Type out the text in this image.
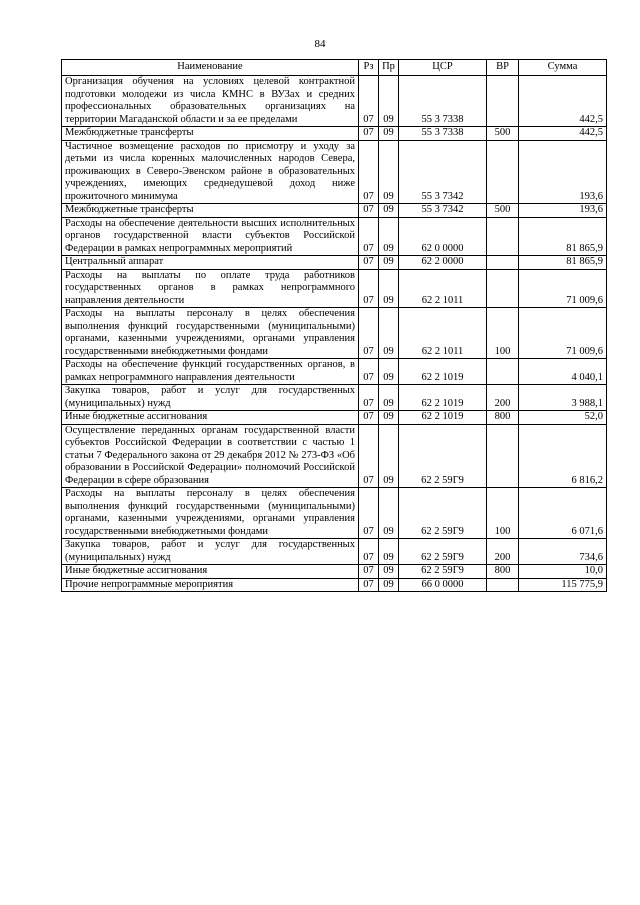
84
Наименование	Рз	Пр	ЦСР	ВР	Сумма
Организация обучения на условиях целевой контрактной подготовки молодежи из числа КМНС в ВУЗах и средних профессиональных образовательных организациях на территории Магаданской области и за ее пределами	07	09	55 3 7338		442,5
Межбюджетные трансферты	07	09	55 3 7338	500	442,5
Частичное возмещение расходов по присмотру и уходу за детьми из числа коренных малочисленных народов Севера, проживающих в Северо-Эвенском районе в образовательных учреждениях, имеющих среднедушевой доход ниже прожиточного минимума	07	09	55 3 7342		193,6
Межбюджетные трансферты	07	09	55 3 7342	500	193,6
Расходы на обеспечение деятельности высших исполнительных органов государственной власти субъектов Российской Федерации в рамках непрограммных мероприятий	07	09	62 0 0000		81 865,9
Центральный аппарат	07	09	62 2 0000		81 865,9
Расходы на выплаты по оплате труда работников государственных органов в рамках непрограммного направления деятельности	07	09	62 2 1011		71 009,6
Расходы на выплаты персоналу в целях обеспечения выполнения функций государственными (муниципальными) органами, казенными учреждениями, органами управления государственными внебюджетными фондами	07	09	62 2 1011	100	71 009,6
Расходы на обеспечение функций государственных органов, в рамках непрограммного направления деятельности	07	09	62 2 1019		4 040,1
Закупка товаров, работ и услуг для государственных (муниципальных) нужд	07	09	62 2 1019	200	3 988,1
Иные бюджетные ассигнования	07	09	62 2 1019	800	52,0
Осуществление переданных органам государственной власти субъектов Российской Федерации в соответствии с частью 1 статьи 7 Федерального закона от 29 декабря 2012 № 273-ФЗ «Об образовании в Российской Федерации» полномочий Российской Федерации в сфере образования	07	09	62 2 59Г9		6 816,2
Расходы на выплаты персоналу в целях обеспечения выполнения функций государственными (муниципальными) органами, казенными учреждениями, органами управления государственными внебюджетными фондами	07	09	62 2 59Г9	100	6 071,6
Закупка товаров, работ и услуг для государственных (муниципальных) нужд	07	09	62 2 59Г9	200	734,6
Иные бюджетные ассигнования	07	09	62 2 59Г9	800	10,0
Прочие непрограммные мероприятия	07	09	66 0 0000		115 775,9
